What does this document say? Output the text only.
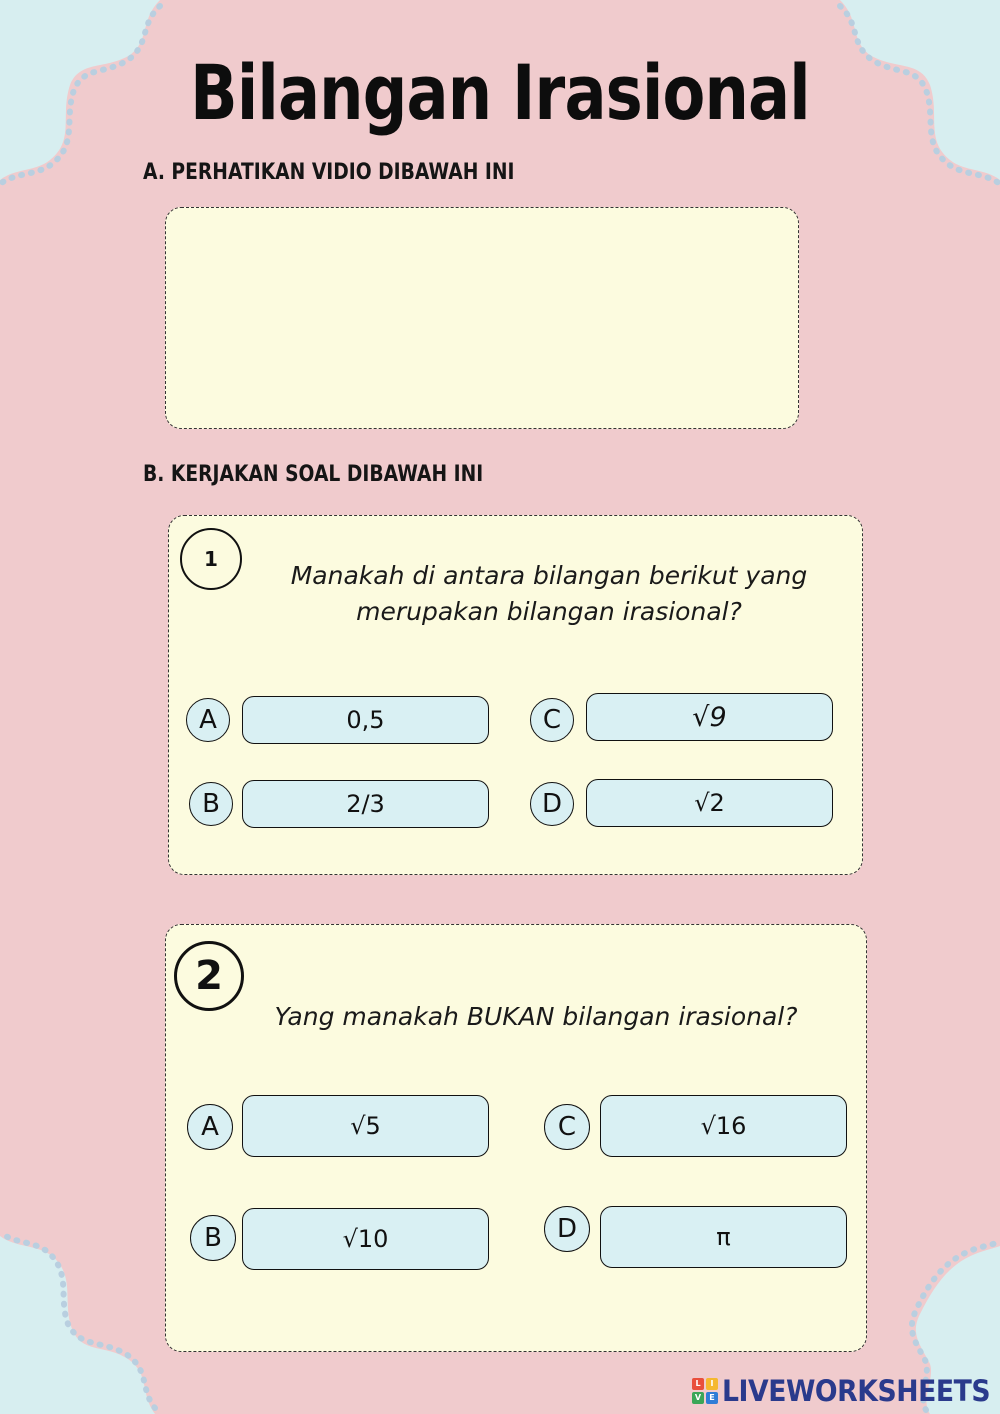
Bilangan Irasional
A. PERHATIKAN VIDIO DIBAWAH INI
B. KERJAKAN SOAL DIBAWAH INI
1
Manakah di antara bilangan berikut yang
merupakan bilangan irasional?
A	0,5
B	2/3
C	√9
D	√2
2
Yang manakah BUKAN bilangan irasional?
A	√5
B	√10
C	√16
D	π
L	I
V	E LIVEWORKSHEETS
